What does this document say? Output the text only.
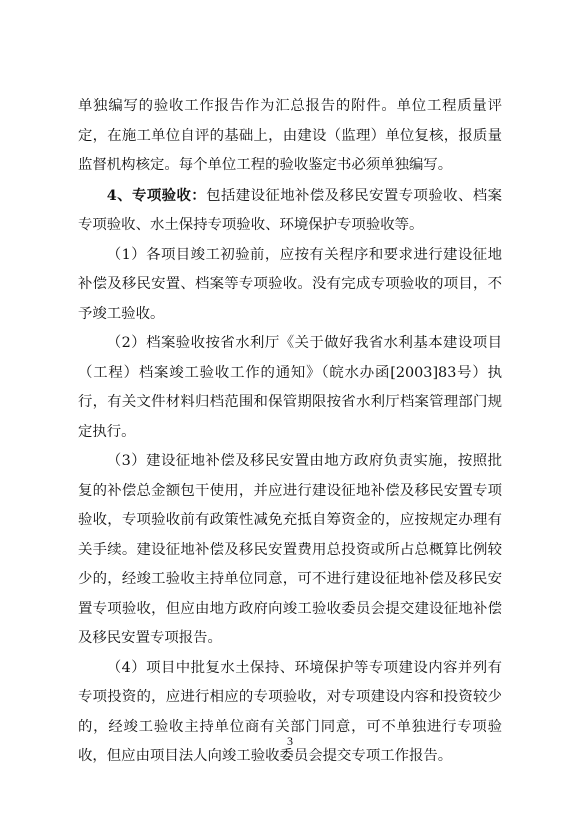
单独编写的验收工作报告作为汇总报告的附件。单位工程质量评定，在施工单位自评的基础上，由建设（监理）单位复核，报质量监督机构核定。每个单位工程的验收鉴定书必须单独编写。

4、专项验收：包括建设征地补偿及移民安置专项验收、档案专项验收、水土保持专项验收、环境保护专项验收等。

（1）各项目竣工初验前，应按有关程序和要求进行建设征地补偿及移民安置、档案等专项验收。没有完成专项验收的项目，不予竣工验收。

（2）档案验收按省水利厅《关于做好我省水利基本建设项目（工程）档案竣工验收工作的通知》（皖水办函[2003]83号）执行，有关文件材料归档范围和保管期限按省水利厅档案管理部门规定执行。

（3）建设征地补偿及移民安置由地方政府负责实施，按照批复的补偿总金额包干使用，并应进行建设征地补偿及移民安置专项验收，专项验收前有政策性减免充抵自筹资金的，应按规定办理有关手续。建设征地补偿及移民安置费用总投资或所占总概算比例较少的，经竣工验收主持单位同意，可不进行建设征地补偿及移民安置专项验收，但应由地方政府向竣工验收委员会提交建设征地补偿及移民安置专项报告。

（4）项目中批复水土保持、环境保护等专项建设内容并列有专项投资的，应进行相应的专项验收，对专项建设内容和投资较少的，经竣工验收主持单位商有关部门同意，可不单独进行专项验收，但应由项目法人向竣工验收委员会提交专项工作报告。

3
